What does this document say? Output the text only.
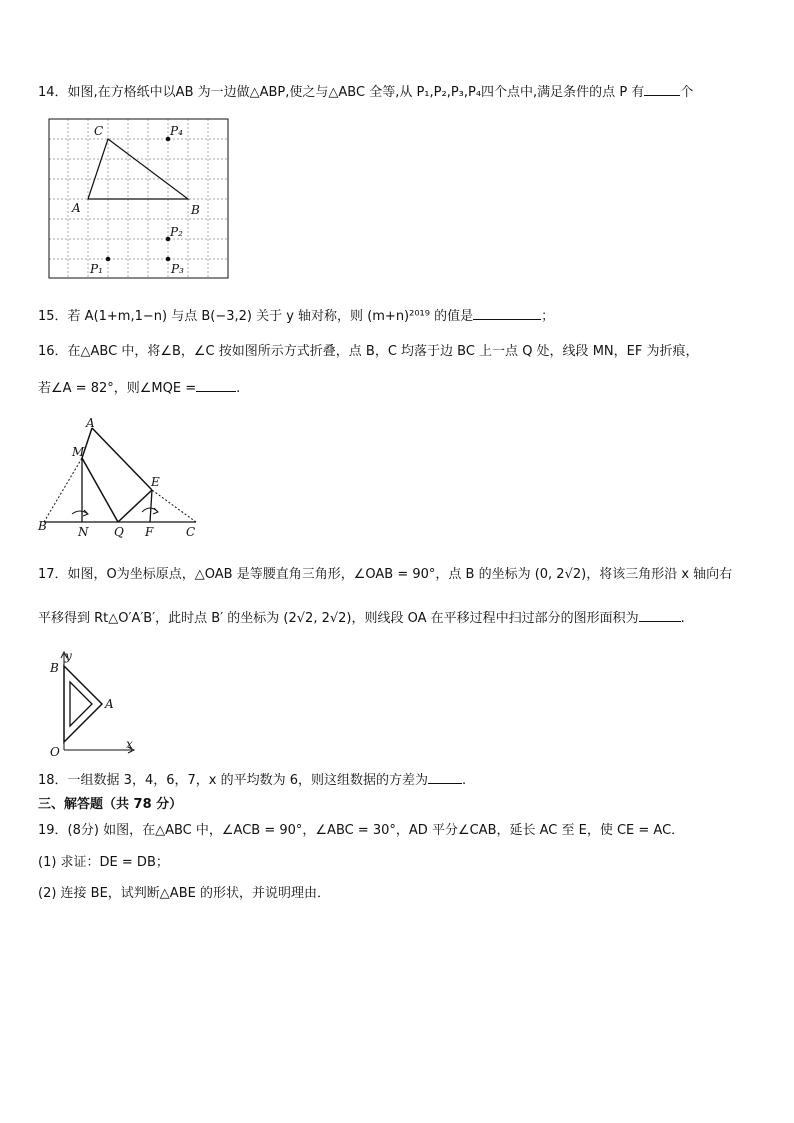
14．如图,在方格纸中以AB 为一边做△ABP,使之与△ABC 全等,从 P₁,P₂,P₃,P₄四个点中,满足条件的点 P 有	个
C
A	B
P₄
P₂
P₁	P₃
15．若 A(1+m,1−n) 与点 B(−3,2) 关于 y 轴对称，则 (m+n)²⁰¹⁹ 的值是	；
16．在△ABC 中，将∠B，∠C 按如图所示方式折叠，点 B，C 均落于边 BC 上一点 Q 处，线段 MN，EF 为折痕，
若∠A = 82°，则∠MQE =	.
A
M
E
B	N Q F	C
17．如图，O为坐标原点，△OAB 是等腰直角三角形，∠OAB = 90°，点 B 的坐标为 (0, 2√2)，将该三角形沿 x 轴向右
平移得到 Rt△O′A′B′，此时点 B′ 的坐标为 (2√2, 2√2)，则线段 OA 在平移过程中扫过部分的图形面积为	.
y
B
A
O
x
18．一组数据 3，4，6，7，x 的平均数为 6，则这组数据的方差为	.
三、解答题（共 78 分）
19．(8分) 如图，在△ABC 中，∠ACB = 90°，∠ABC = 30°，AD 平分∠CAB，延长 AC 至 E，使 CE = AC．
(1) 求证：DE = DB；
(2) 连接 BE，试判断△ABE 的形状，并说明理由．
